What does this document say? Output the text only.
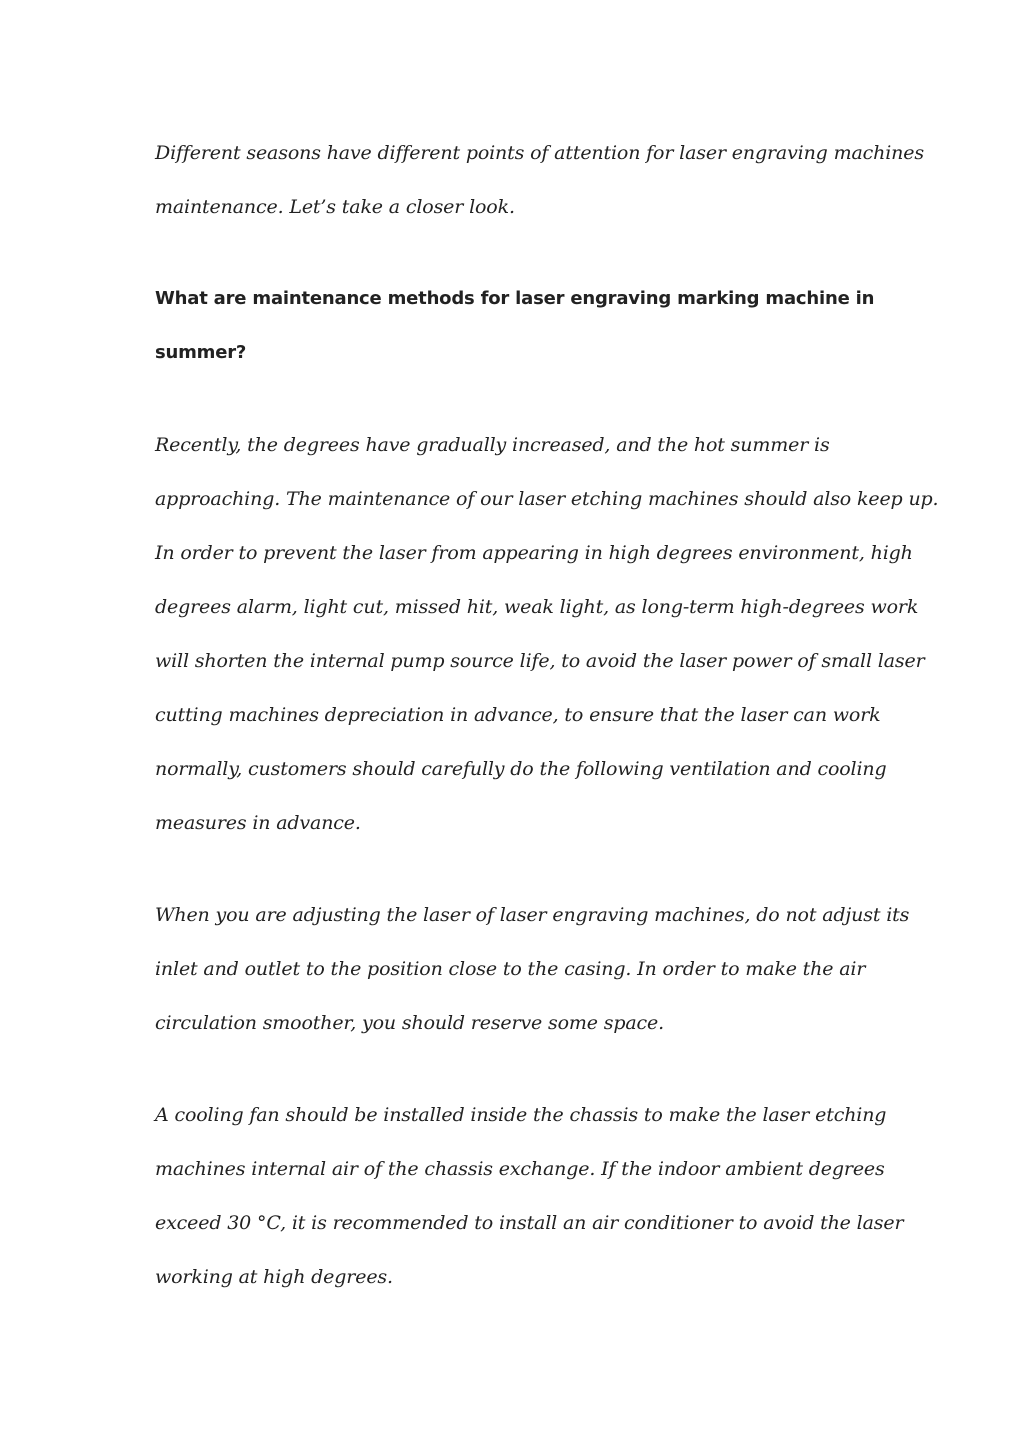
Different seasons have different points of attention for laser engraving machines
maintenance. Let’s take a closer look.
What are maintenance methods for laser engraving marking machine in
summer?
Recently, the degrees have gradually increased, and the hot summer is
approaching. The maintenance of our laser etching machines should also keep up.
In order to prevent the laser from appearing in high degrees environment, high
degrees alarm, light cut, missed hit, weak light, as long-term high-degrees work
will shorten the internal pump source life, to avoid the laser power of small laser
cutting machines depreciation in advance, to ensure that the laser can work
normally, customers should carefully do the following ventilation and cooling
measures in advance.
When you are adjusting the laser of laser engraving machines, do not adjust its
inlet and outlet to the position close to the casing. In order to make the air
circulation smoother, you should reserve some space.
A cooling fan should be installed inside the chassis to make the laser etching
machines internal air of the chassis exchange. If the indoor ambient degrees
exceed 30 °C, it is recommended to install an air conditioner to avoid the laser
working at high degrees.
